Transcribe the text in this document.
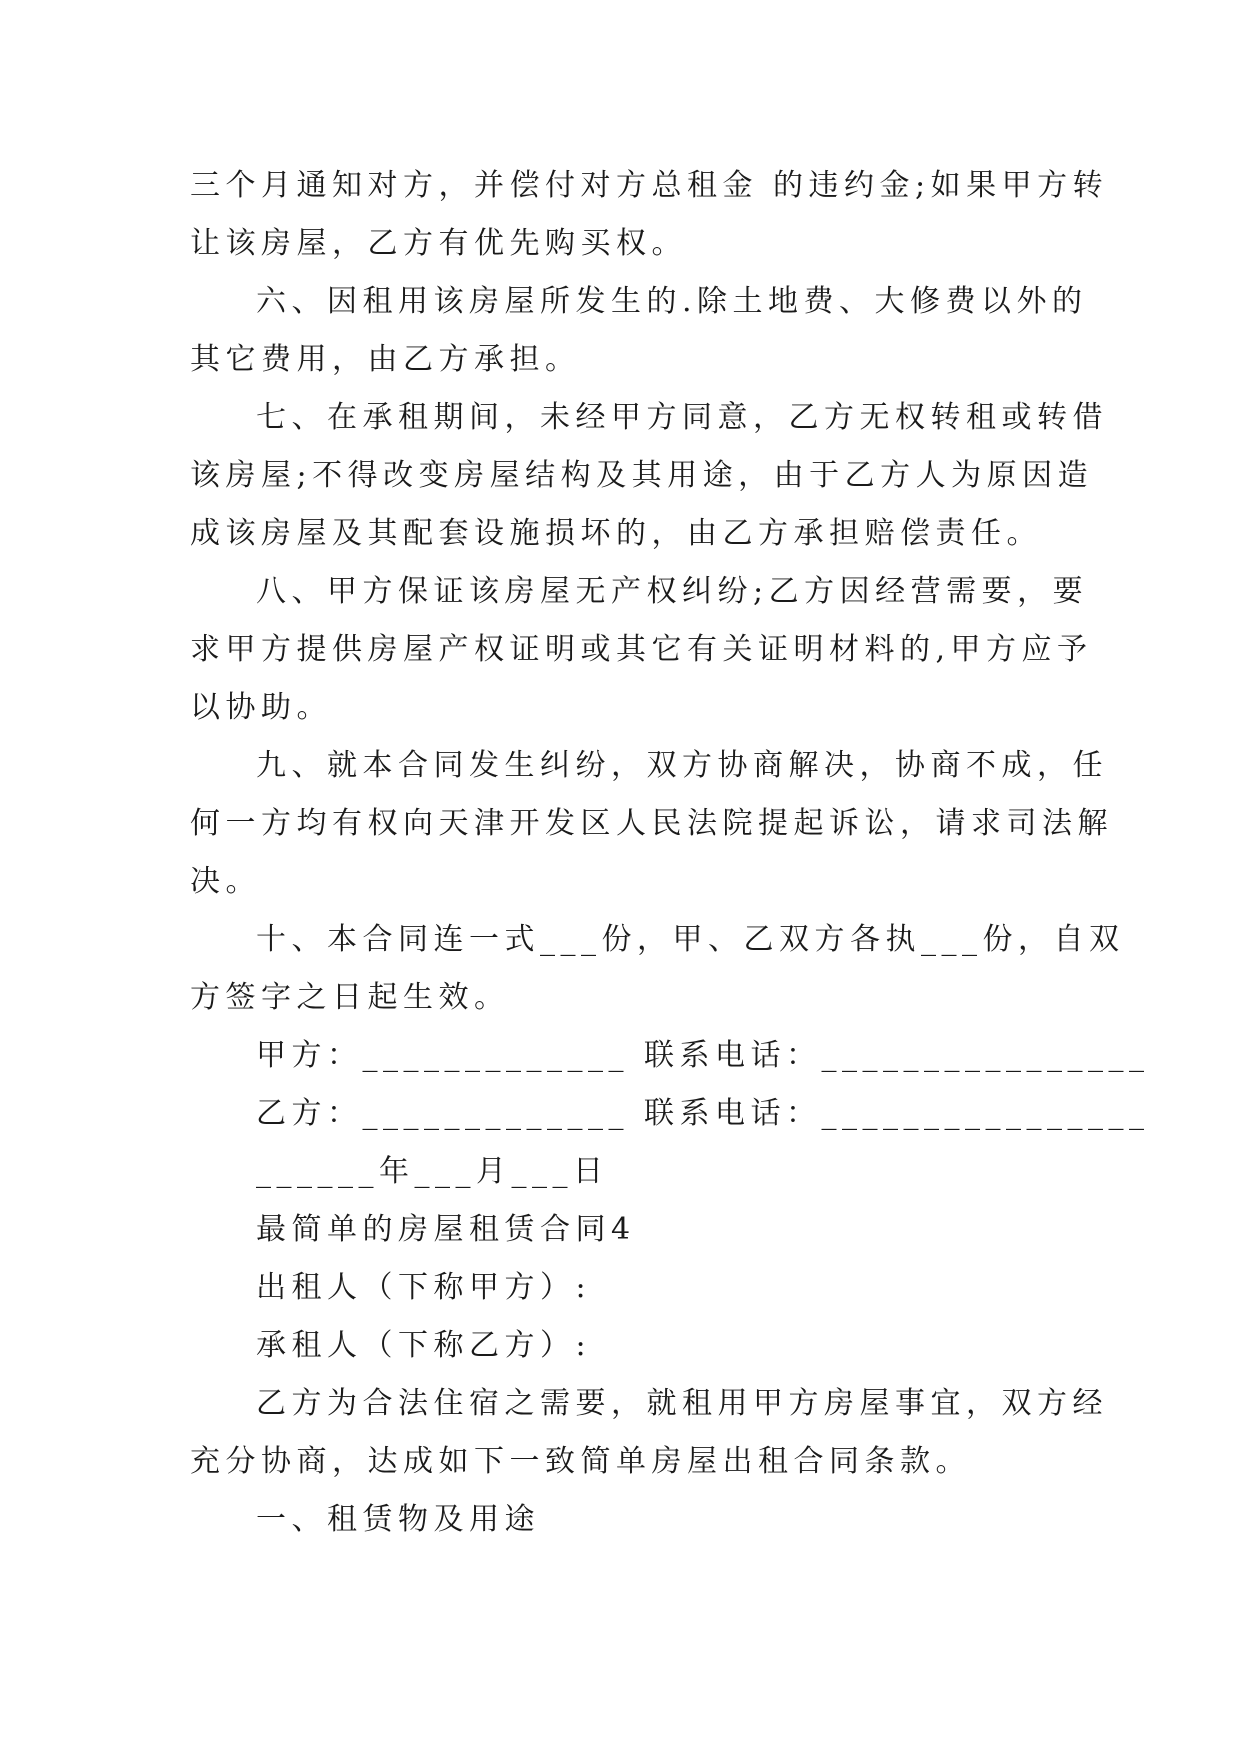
三个月通知对方，并偿付对方总租金 的违约金;如果甲方转
让该房屋，乙方有优先购买权。
六、因租用该房屋所发生的.除土地费、大修费以外的
其它费用，由乙方承担。
七、在承租期间，未经甲方同意，乙方无权转租或转借
该房屋;不得改变房屋结构及其用途，由于乙方人为原因造
成该房屋及其配套设施损坏的，由乙方承担赔偿责任。
八、甲方保证该房屋无产权纠纷;乙方因经营需要，要
求甲方提供房屋产权证明或其它有关证明材料的,甲方应予
以协助。
九、就本合同发生纠纷，双方协商解决，协商不成，任
何一方均有权向天津开发区人民法院提起诉讼，请求司法解
决。
十、本合同连一式___份，甲、乙双方各执___份，自双
方签字之日起生效。
甲方：_____________ 联系电话：________________
乙方：_____________ 联系电话：________________
______年___月___日
最简单的房屋租赁合同4
出租人（下称甲方）:
承租人（下称乙方）:
乙方为合法住宿之需要，就租用甲方房屋事宜，双方经
充分协商，达成如下一致简单房屋出租合同条款。
一、租赁物及用途
